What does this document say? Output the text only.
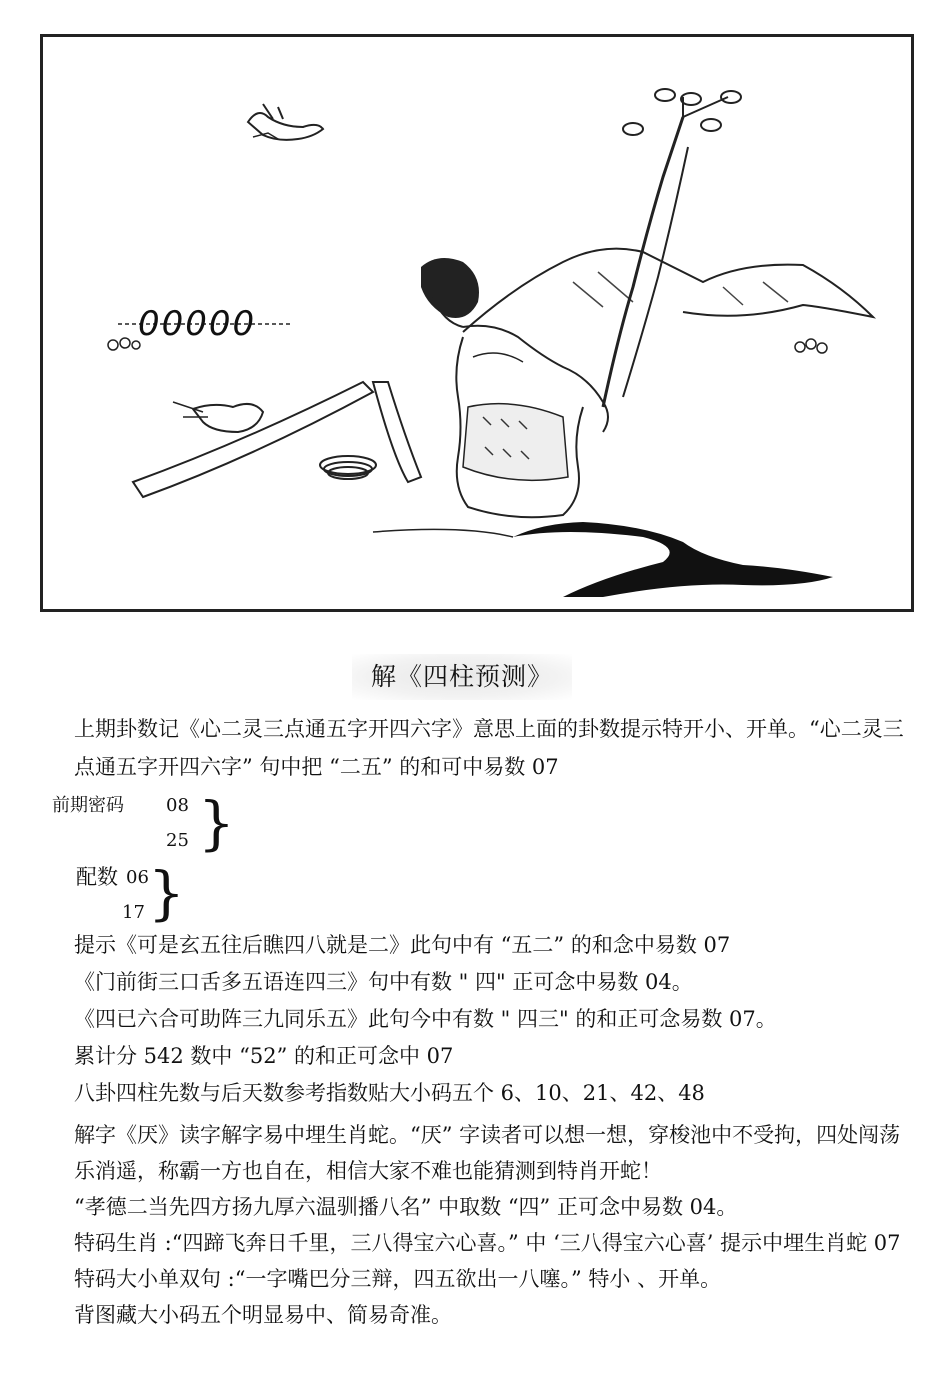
00000
解《四柱预测》
上期卦数记《心二灵三点通五字开四六字》意思上面的卦数提示特开小、开单。“心二灵三
点通五字开四六字” 句中把 “二五” 的和可中易数 07
前期密码 08
25 }
配数 06
17 }
提示《可是玄五往后瞧四八就是二》此句中有 “五二” 的和念中易数 07
《门前街三口舌多五语连四三》句中有数 " 四" 正可念中易数 04。
《四已六合可助阵三九同乐五》此句今中有数 " 四三" 的和正可念易数 07。
累计分 542 数中 “52” 的和正可念中 07
八卦四柱先数与后天数参考指数贴大小码五个 6、10、21、42、48
解字《厌》读字解字易中埋生肖蛇。“厌” 字读者可以想一想，穿梭池中不受拘，四处闯荡
乐消遥，称霸一方也自在，相信大家不难也能猜测到特肖开蛇！
“孝德二当先四方扬九厚六温驯播八名” 中取数 “四” 正可念中易数 04。
特码生肖 :“四蹄飞奔日千里，三八得宝六心喜。” 中 ‘三八得宝六心喜’ 提示中埋生肖蛇 07
特码大小单双句 :“一字嘴巴分三辩，四五欲出一八噻。” 特小 、开单。
背图藏大小码五个明显易中、简易奇准。
